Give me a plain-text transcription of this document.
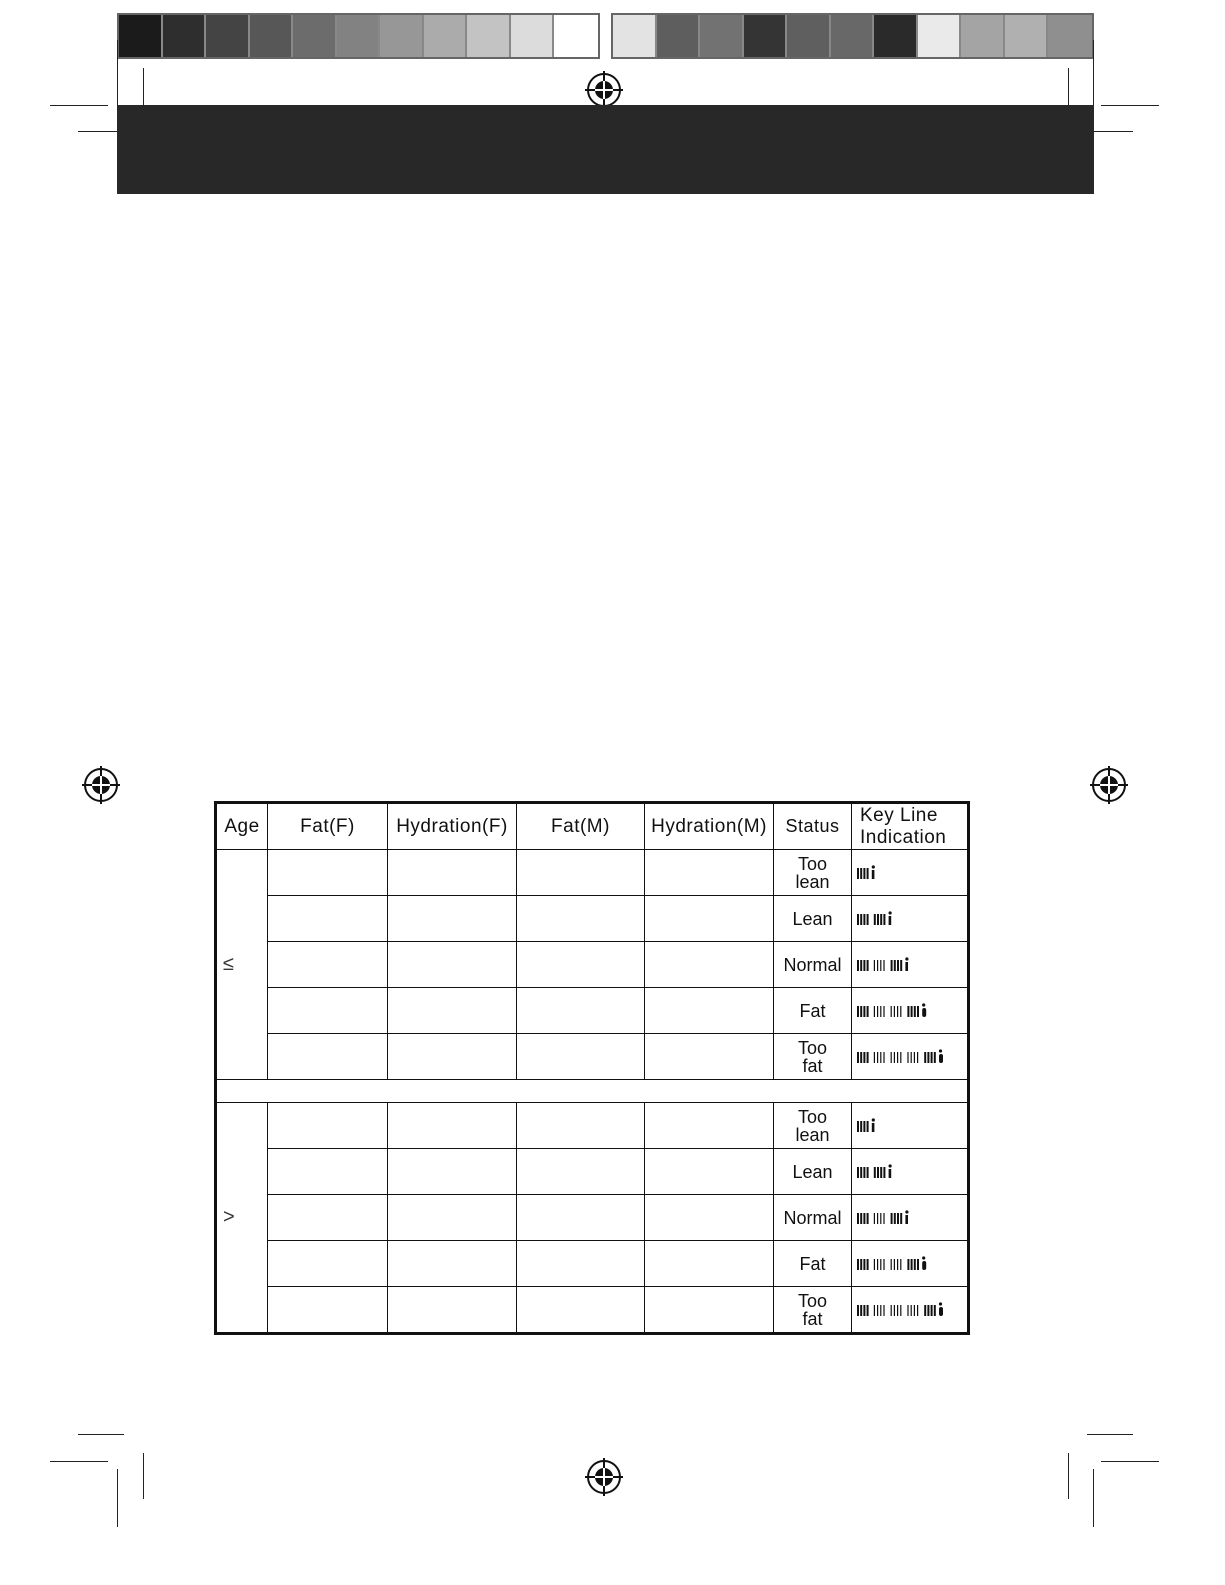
Age	Fat(F)	Hydration(F)	Fat(M)	Hydration(M)	Status	Key Line
Indication

≤					Too
lean

					Lean

					Normal

					Fat

					Too
fat

>					Too
lean

					Lean

					Normal

					Fat

					Too
fat
